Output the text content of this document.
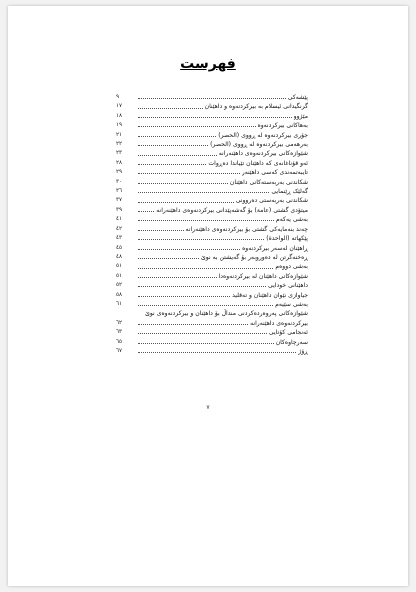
فهرست
٩	پێشەکی
١٧	گرنگیدانی ئیسلام بە بیرکردنەوە و داهێنان
١٨	مێژوو
١٩	بەهاکانی بیرکردنەوە
٢١	جۆری بیرکردنەوە لە ڕووی (الحصر)
٢٢	بەرهەمی بیرکردنەوە لە ڕووی (الحصر)
٢٣	شێوازەکانی بیرکردنەوەی داهێنەرانە
٢٨	ئەو قۆناغانەی کە داهێنان تێیاندا دەڕوات
٢٩	تایبەتمەندی کەسی داهێنەر
٣٠	شکاندنی بەربەستەکانی داهێنان
٣٦	گەلێک ڕێنمایی
٣٧	شکاندنی بەربەستی دەروونی
٣٩	میتۆدی گشتی (عامة) بۆ گەشەپێدانی بیرکردنەوەی داهێنەرانە
٤١	بەشی یەکەم
٤٢	چەند بنەمایەکی گشتی بۆ بیرکردنەوەی داهێنەرانە
٤٣	پێکهاتە (الواحدة)
٤٥	ڕاهێنان لەسەر بیرکردنەوە
٤٨	ڕەخنەگرتن لە دەوروبەر بۆ گەیشتن بە نوێ
٥١	بەشی دووەم
٥١	شێوازەکانی داهێنان لە بیرکردنەوەدا
٥٢	داهێنانی خودایی
٥٨	جیاوازی نێوان داهێنان و تەقلید
٦١	بەشی سێیەم
شێوازەکانی پەروەردەکردنی منداڵ بۆ داهێنان و بیرکردنەوەی نوێ
٦٢	بیرکردنەوەی داهێنەرانە
٦٣	ئەنجامی کۆتایی
٦٥	سەرچاوەکان
٦٧	ڕۆژ
٧
